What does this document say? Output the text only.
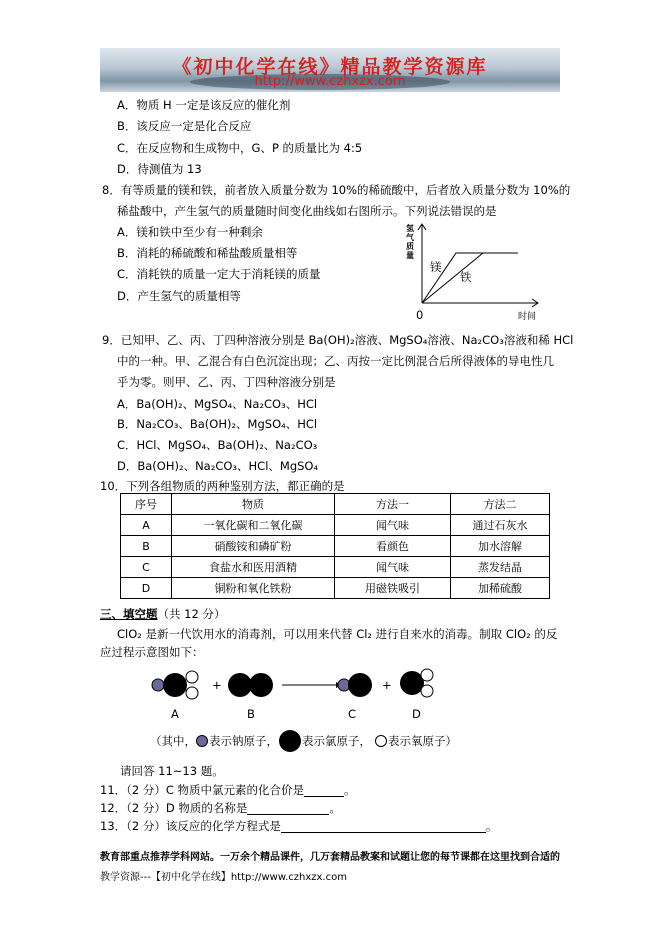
《初中化学在线》精品教学资源库
http://www.czhxzx.com
A．物质 H 一定是该反应的催化剂
B．该反应一定是化合反应
C．在反应物和生成物中，G、P 的质量比为 4:5
D．待测值为 13
8．有等质量的镁和铁，前者放入质量分数为 10%的稀硫酸中，后者放入质量分数为 10%的
稀盐酸中，产生氢气的质量随时间变化曲线如右图所示。下列说法错误的是
A．镁和铁中至少有一种剩余
B．消耗的稀硫酸和稀盐酸质量相等
C．消耗铁的质量一定大于消耗镁的质量
D．产生氢气的质量相等
氢气质量
镁
铁
0	时间
9．已知甲、乙、丙、丁四种溶液分别是 Ba(OH)₂溶液、MgSO₄溶液、Na₂CO₃溶液和稀 HCl
中的一种。甲、乙混合有白色沉淀出现；乙、丙按一定比例混合后所得液体的导电性几
乎为零。则甲、乙、丙、丁四种溶液分别是
A．Ba(OH)₂、MgSO₄、Na₂CO₃、HCl
B．Na₂CO₃、Ba(OH)₂、MgSO₄、HCl
C．HCl、MgSO₄、Ba(OH)₂、Na₂CO₃
D．Ba(OH)₂、Na₂CO₃、HCl、MgSO₄
10．下列各组物质的两种鉴别方法，都正确的是
序号	物质	方法一	方法二
A	一氧化碳和二氧化碳	闻气味	通过石灰水
B	硝酸铵和磷矿粉	看颜色	加水溶解
C	食盐水和医用酒精	闻气味	蒸发结晶
D	铜粉和氧化铁粉	用磁铁吸引	加稀硫酸
三、填空题（共 12 分）
ClO₂ 是新一代饮用水的消毒剂，可以用来代替 Cl₂ 进行自来水的消毒。制取 ClO₂ 的反
应过程示意图如下：
+	+
A	B	C	D
（其中， 表示钠原子， 表示氯原子， 表示氧原子）
请回答 11~13 题。
11．（2 分）C 物质中氯元素的化合价是	。
12．（2 分）D 物质的名称是	。
13．（2 分）该反应的化学方程式是	。
教育部重点推荐学科网站。一万余个精品课件，几万套精品教案和试题让您的每节课都在这里找到合适的
教学资源---【初中化学在线】http://www.czhxzx.com
